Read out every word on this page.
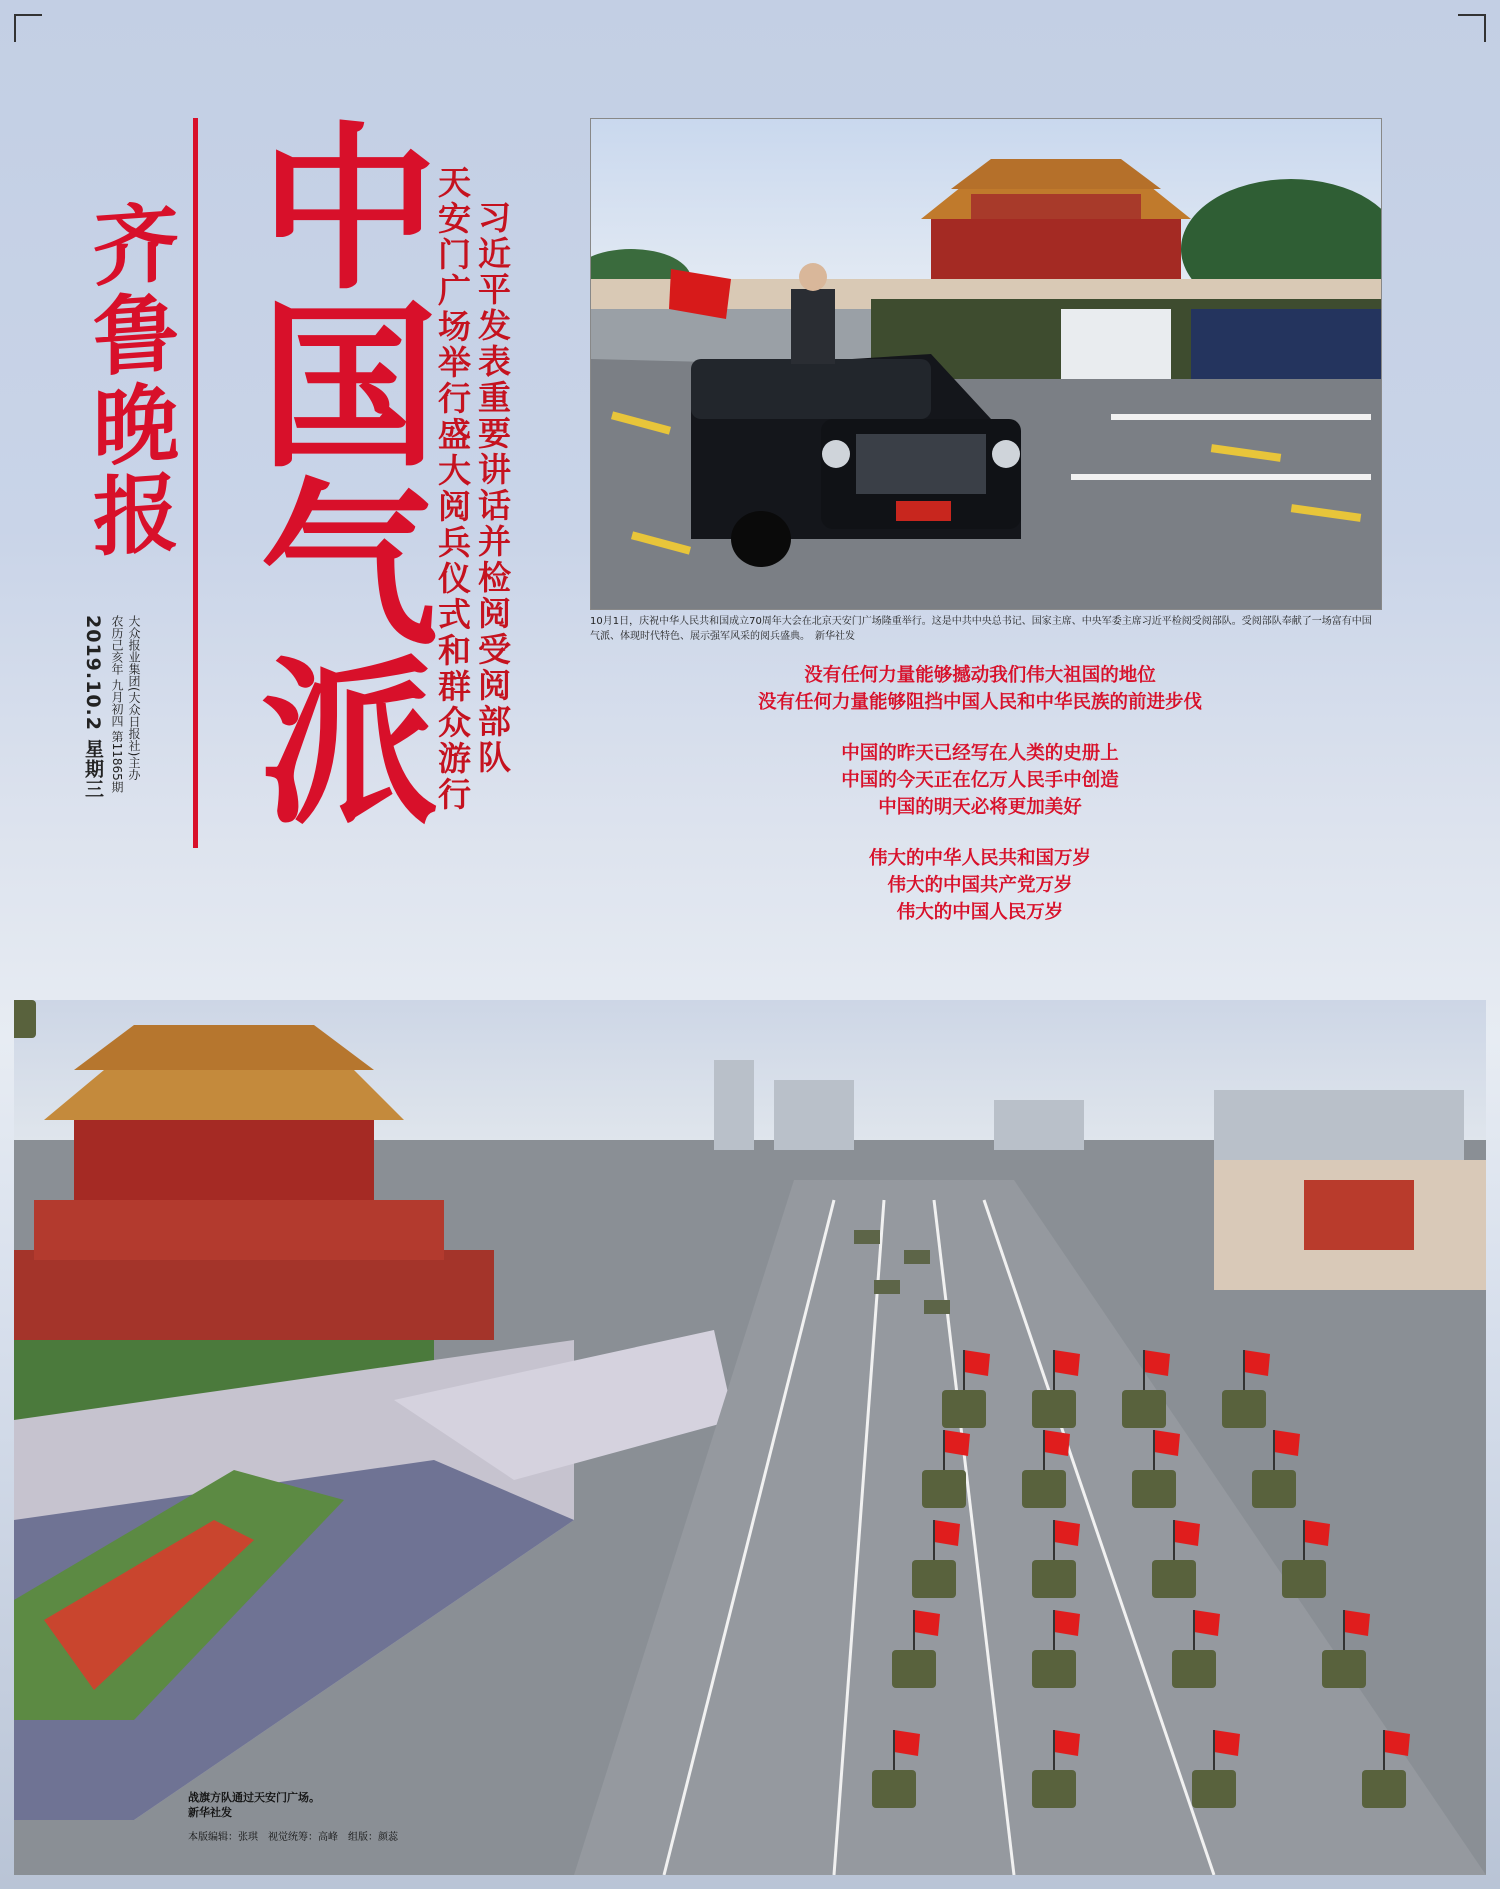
齐鲁晚报
大众报业集团(大众日报社)主办
农历己亥年 九月初四 第11865期
2019.10.2 星期三 中国气派 习近平发表重要讲话并检阅受阅部队
天安门广场举行盛大阅兵仪式和群众游行	10月1日，庆祝中华人民共和国成立70周年大会在北京天安门广场隆重举行。这是中共中央总书记、国家主席、中央军委主席习近平检阅受阅部队。受阅部队奉献了一场富有中国气派、体现时代特色、展示强军风采的阅兵盛典。　新华社发
没有任何力量能够撼动我们伟大祖国的地位
没有任何力量能够阻挡中国人民和中华民族的前进步伐
中国的昨天已经写在人类的史册上
中国的今天正在亿万人民手中创造
中国的明天必将更加美好
伟大的中华人民共和国万岁
伟大的中国共产党万岁
伟大的中国人民万岁
战旗方队通过天安门广场。
新华社发
本版编辑：张琪　视觉统筹：高峰　组版：颜蕊
